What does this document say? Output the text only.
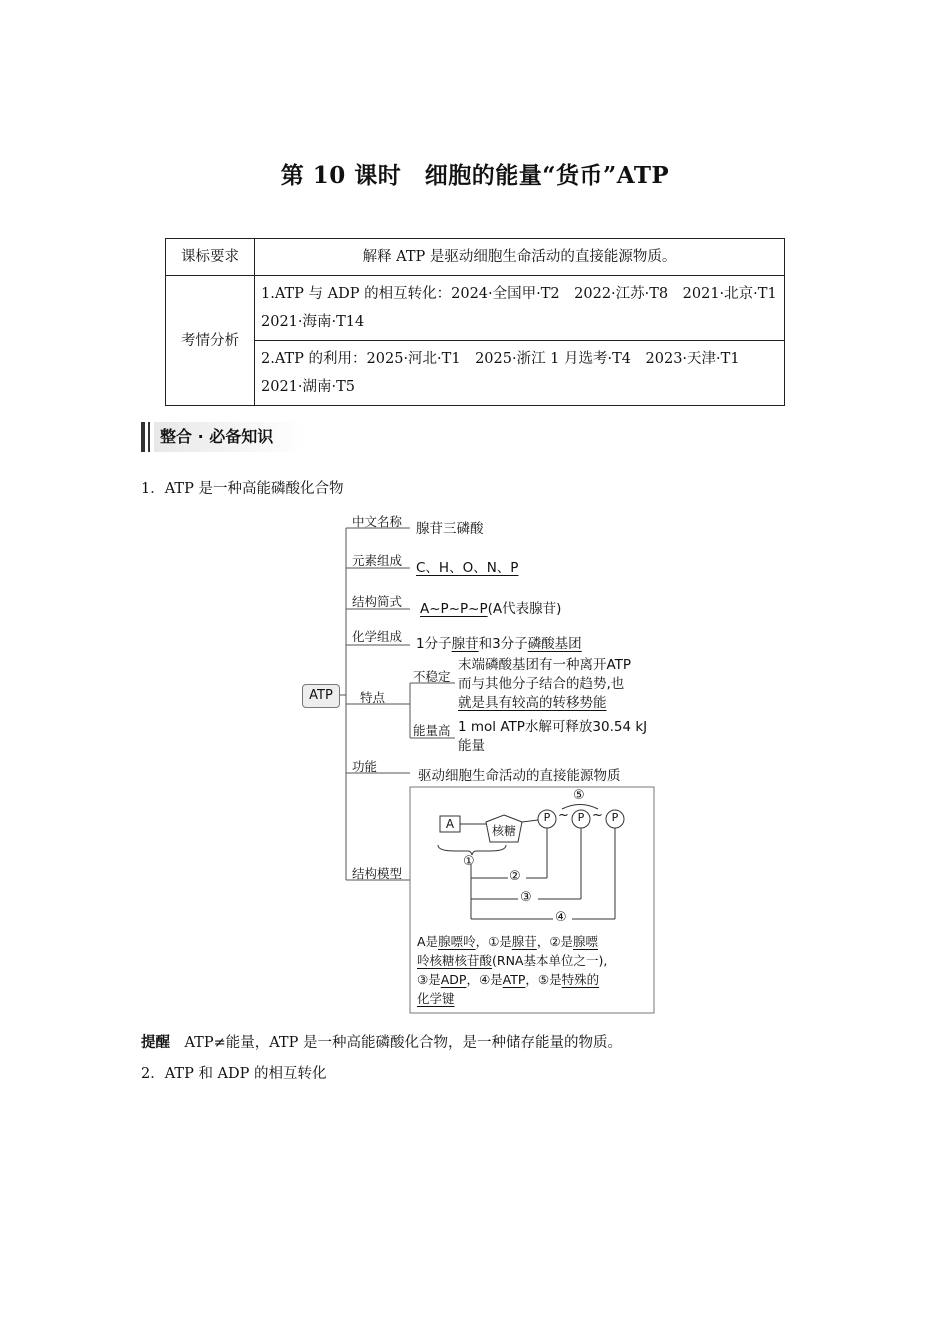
第 10 课时　细胞的能量“货币”ATP
课标要求	解释 ATP 是驱动细胞生命活动的直接能源物质。
考情分析	1.ATP 与 ADP 的相互转化：2024·全国甲·T2　2022·江苏·T8　2021·北京·T1　2021·海南·T14
	2.ATP 的利用：2025·河北·T1　2025·浙江 1 月选考·T4　2023·天津·T1　2021·湖南·T5
整合 · 必备知识
1．ATP 是一种高能磷酸化合物
ATP
中文名称 腺苷三磷酸
元素组成 C、H、O、N、P
结构简式 A~P~P~P(A代表腺苷)
化学组成 1分子腺苷和3分子磷酸基团
特点
不稳定
末端磷酸基团有一种离开ATP
而与其他分子结合的趋势,也
就是具有较高的转移势能
能量高 1 mol ATP水解可释放30.54 kJ
能量
功能
驱动细胞生命活动的直接能源物质
结构模型
A	核糖
P	P	P
~ ~
⑤
①
②
③
④
A是腺嘌呤，①是腺苷，②是腺嘌
呤核糖核苷酸(RNA基本单位之一),
③是ADP，④是ATP，⑤是特殊的
化学键
提醒　 ATP≠能量，ATP 是一种高能磷酸化合物，是一种储存能量的物质。
2．ATP 和 ADP 的相互转化
